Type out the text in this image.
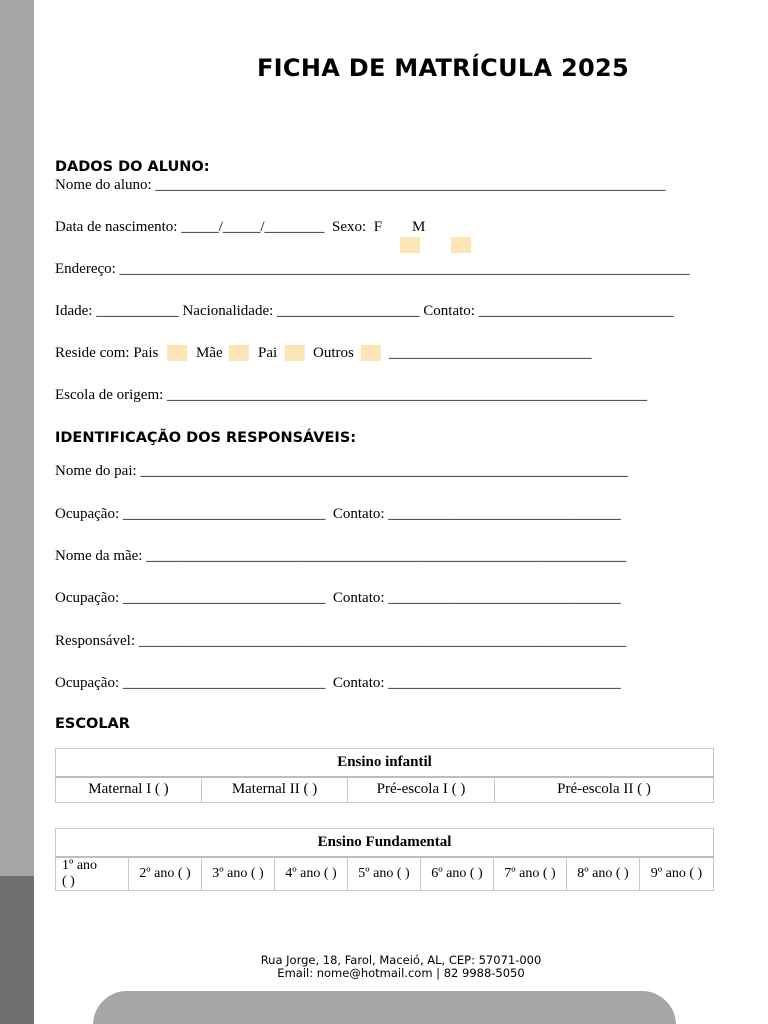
FICHA DE MATRÍCULA 2025
DADOS DO ALUNO:
Nome do aluno: ____________________________________________________________________
Data de nascimento: _____/_____/________  Sexo:  F        M
Endereço: ____________________________________________________________________________
Idade: ___________ Nacionalidade: ___________________ Contato: __________________________
Reside com: Pais	Mãe Pai Outros ___________________________
Escola de origem: ________________________________________________________________
IDENTIFICAÇÃO DOS RESPONSÁVEIS:
Nome do pai: _________________________________________________________________
Ocupação: ___________________________  Contato: _______________________________
Nome da mãe: ________________________________________________________________
Ocupação: ___________________________  Contato: _______________________________
Responsável: _________________________________________________________________
Ocupação: ___________________________  Contato: _______________________________
ESCOLAR
Ensino infantil
Maternal I ( )	Maternal II ( )	Pré-escola I ( )	Pré-escola II ( )
Ensino Fundamental

1º ano
( )
	2º ano ( )	3º ano ( )	4º ano ( )	5º ano ( )	6º ano ( )	7º ano ( )	8º ano ( )	9º ano ( )
Rua Jorge, 18, Farol, Maceió, AL, CEP: 57071-000
Email: nome@hotmail.com | 82 9988-5050
